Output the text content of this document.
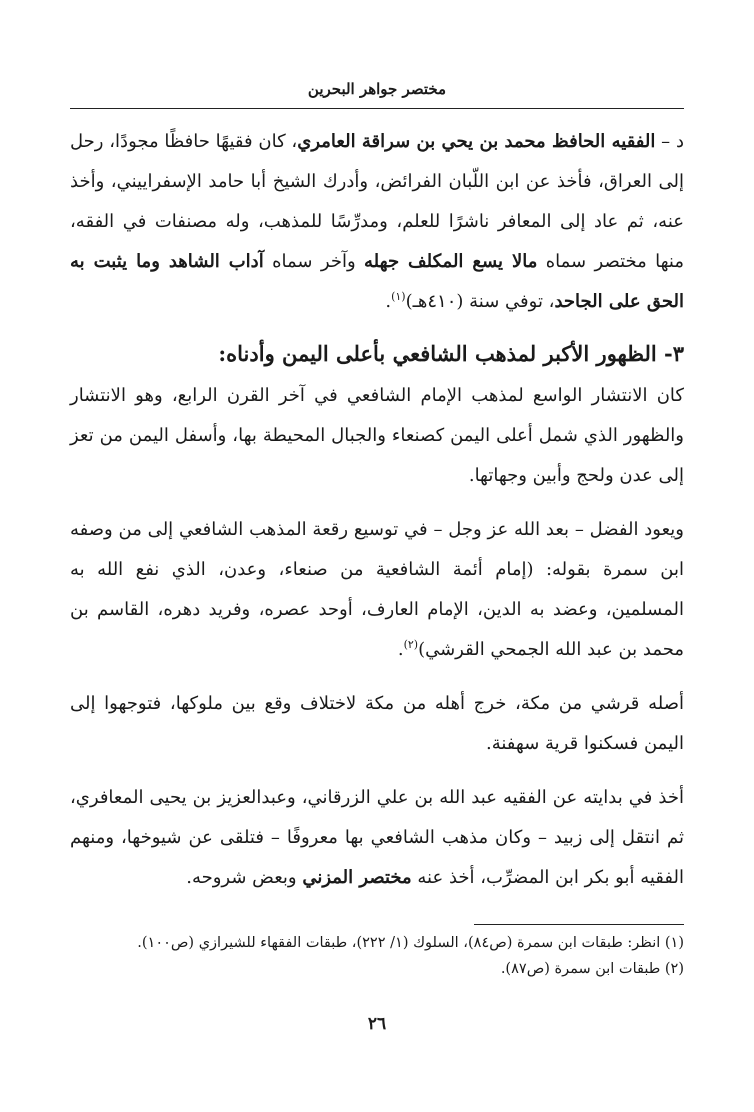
مختصر جواهر البحرين

د – الفقيه الحافظ محمد بن يحي بن سراقة العامري، كان فقيهًا حافظًا مجودًا، رحل إلى العراق، فأخذ عن ابن اللّبان الفرائض، وأدرك الشيخ أبا حامد الإسفراييني، وأخذ عنه، ثم عاد إلى المعافر ناشرًا للعلم، ومدرِّسًا للمذهب، وله مصنفات في الفقه، منها مختصر سماه مالا يسع المكلف جهله وآخر سماه آداب الشاهد وما يثبت به الحق على الجاحد، توفي سنة (٤١٠هـ)$^{(١)}$.

٣- الظهور الأكبر لمذهب الشافعي بأعلى اليمن وأدناه:

كان الانتشار الواسع لمذهب الإمام الشافعي في آخر القرن الرابع، وهو الانتشار والظهور الذي شمل أعلى اليمن كصنعاء والجبال المحيطة بها، وأسفل اليمن من تعز إلى عدن ولحج وأبين وجهاتها.

ويعود الفضل – بعد الله عز وجل – في توسيع رقعة المذهب الشافعي إلى من وصفه ابن سمرة بقوله: (إمام أئمة الشافعية من صنعاء، وعدن، الذي نفع الله به المسلمين، وعضد به الدين، الإمام العارف، أوحد عصره، وفريد دهره، القاسم بن محمد بن عبد الله الجمحي القرشي)$^{(٢)}$.

أصله قرشي من مكة، خرج أهله من مكة لاختلاف وقع بين ملوكها، فتوجهوا إلى اليمن فسكنوا قرية سهفنة.

أخذ في بدايته عن الفقيه عبد الله بن علي الزرقاني، وعبدالعزيز بن يحيى المعافري، ثم انتقل إلى زبيد – وكان مذهب الشافعي بها معروفًا – فتلقى عن شيوخها، ومنهم الفقيه أبو بكر ابن المضرِّب، أخذ عنه مختصر المزني وبعض شروحه.

(١) انظر: طبقات ابن سمرة (ص٨٤)، السلوك (١/ ٢٢٢)، طبقات الفقهاء للشيرازي (ص١٠٠).

(٢) طبقات ابن سمرة (ص٨٧).

٢٦
